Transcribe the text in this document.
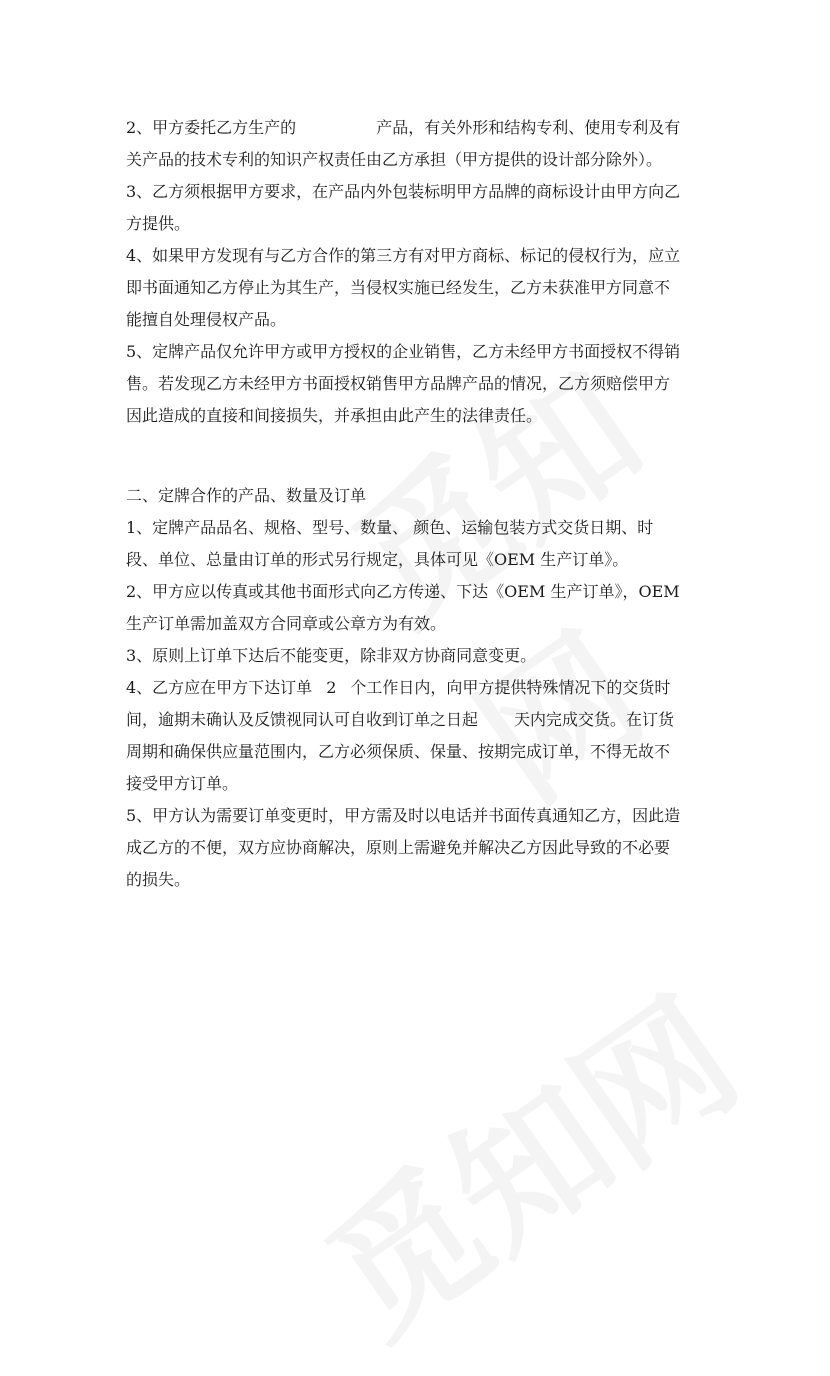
2、甲方委托乙方生产的	产品，有关外形和结构专利、使用专利及有
关产品的技术专利的知识产权责任由乙方承担（甲方提供的设计部分除外）。
3、乙方须根据甲方要求，在产品内外包装标明甲方品牌的商标设计由甲方向乙
方提供。
4、如果甲方发现有与乙方合作的第三方有对甲方商标、标记的侵权行为，应立
即书面通知乙方停止为其生产，当侵权实施已经发生，乙方未获准甲方同意不
能擅自处理侵权产品。
5、定牌产品仅允许甲方或甲方授权的企业销售，乙方未经甲方书面授权不得销
售。若发现乙方未经甲方书面授权销售甲方品牌产品的情况，乙方须赔偿甲方
因此造成的直接和间接损失，并承担由此产生的法律责任。
二、定牌合作的产品、数量及订单
1、定牌产品品名、规格、型号、数量、 颜色、运输包装方式交货日期、时
段、单位、总量由订单的形式另行规定，具体可见《OEM 生产订单》。
2、甲方应以传真或其他书面形式向乙方传递、下达《OEM 生产订单》，OEM
生产订单需加盖双方合同章或公章方为有效。
3、原则上订单下达后不能变更，除非双方协商同意变更。
4、乙方应在甲方下达订单 2 个工作日内，向甲方提供特殊情况下的交货时
间，逾期未确认及反馈视同认可自收到订单之日起 天内完成交货。在订货
周期和确保供应量范围内，乙方必须保质、保量、按期完成订单，不得无故不
接受甲方订单。
5、甲方认为需要订单变更时，甲方需及时以电话并书面传真通知乙方，因此造
成乙方的不便，双方应协商解决，原则上需避免并解决乙方因此导致的不必要
的损失。
